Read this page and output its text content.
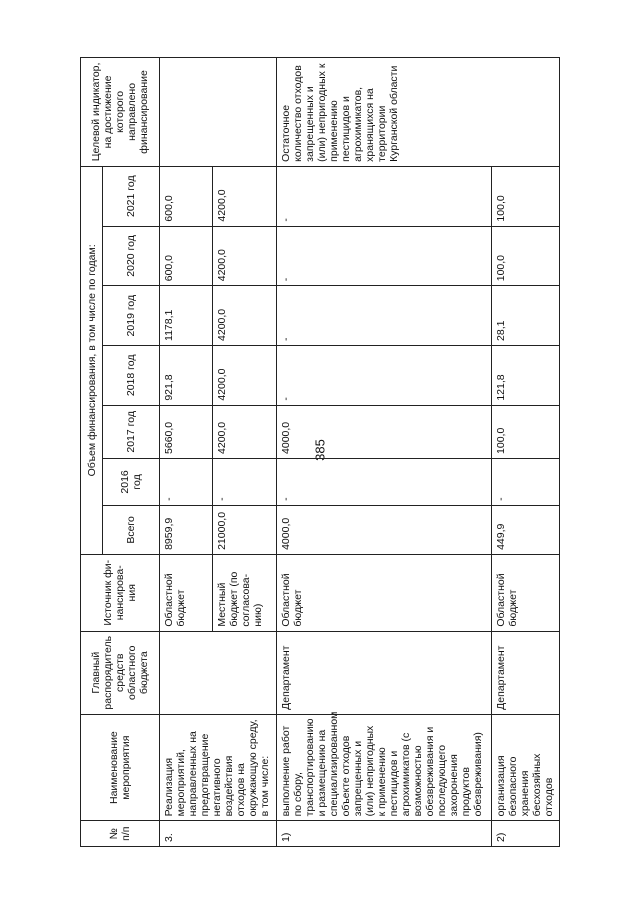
385
№ п/п	Наименование мероприятия	Главный распорядитель средств областного бюджета	Источник фи-нансирова-ния	Объем финансирования, в том числе по годам:							Целевой индикатор, на достижение которого направлено финансирование
				Всего	2016 год	2017 год	2018 год	2019 год	2020 год	2021 год	
3.	Реализация мероприятий, направленных на предотвращение негативного воздействия отходов на окружающую среду, в том числе:		Областной бюджет	8959,9	-	5660,0	921,8	1178,1	600,0	600,0	
			Местный бюджет (по согласова-нию)	21000,0	-	4200,0	4200,0	4200,0	4200,0	4200,0	
1)	выполнение работ по сбору, транспортированию и размещению на специализированном объекте отходов запрещенных и (или) непригодных к применению пестицидов и агрохимикатов (с возможностью обезвреживания и последующего захоронения продуктов обезвреживания)	Департамент	Областной бюджет	4000,0	-	4000,0	-	-	-	-	Остаточное количество отходов запрещенных и (или) непригодных к применению пестицидов и агрохимикатов, хранящихся на территории Курганской области
2)	организация безопасного хранения бесхозяйных отходов	Департамент	Областной бюджет	449,9	-	100,0	121,8	28,1	100,0	100,0	
